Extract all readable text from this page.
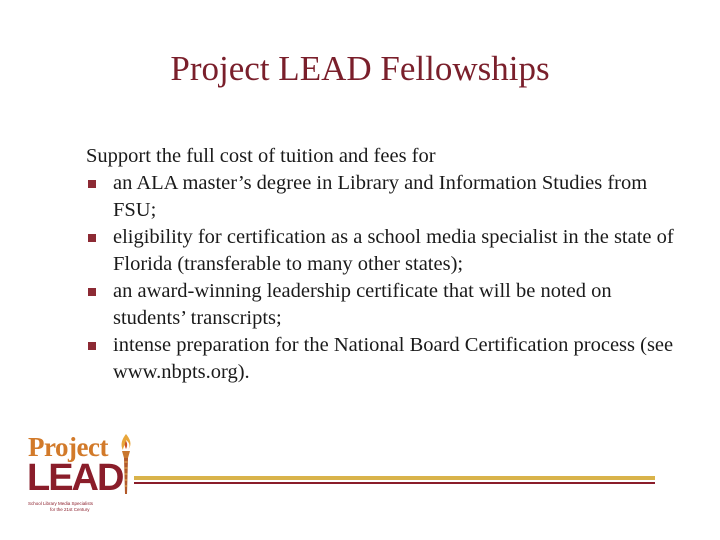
Project LEAD Fellowships

Support the full cost of tuition and fees for

an ALA master’s degree in Library and Information Studies from FSU;
eligibility for certification as a school media specialist in the state of Florida (transferable to many other states);
an award-winning leadership certificate that will be noted on students’ transcripts;
intense preparation for the National Board Certification process (see www.nbpts.org).
Project
LEAD
School Library Media Specialists
for the 21st Century
